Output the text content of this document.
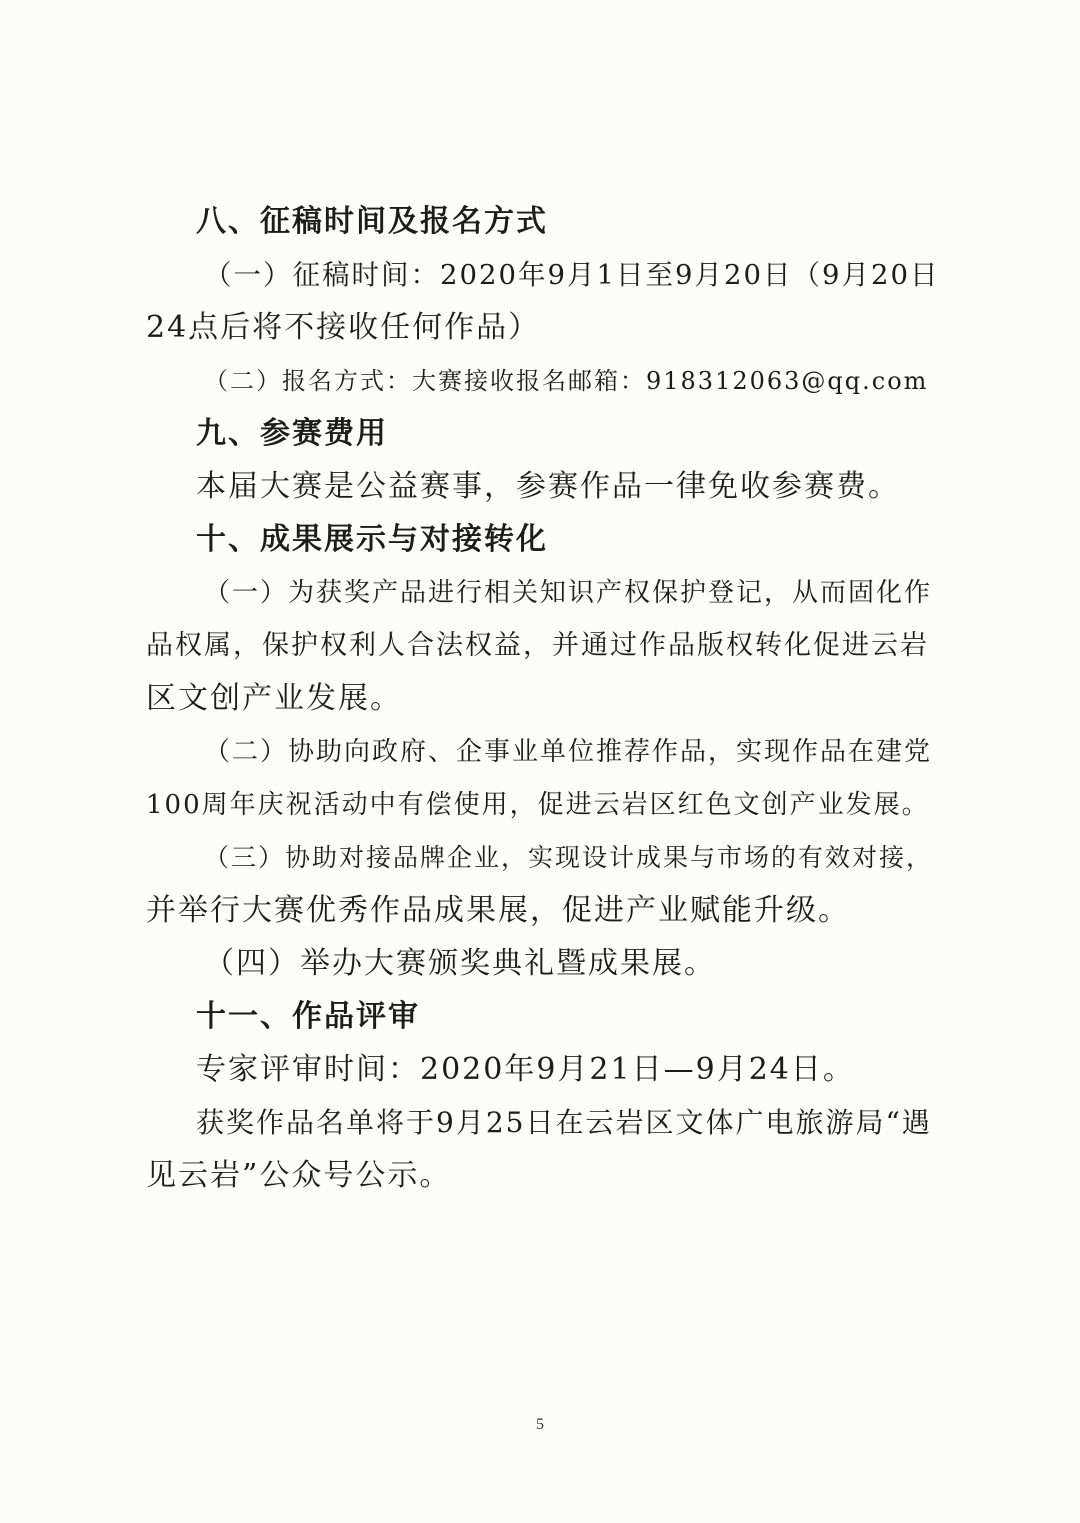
八、征稿时间及报名方式
（一）征稿时间：2020年9月1日至9月20日（9月20日
24点后将不接收任何作品）
（二）报名方式：大赛接收报名邮箱：918312063@qq.com
九、参赛费用
本届大赛是公益赛事，参赛作品一律免收参赛费。
十、成果展示与对接转化
（一）为获奖产品进行相关知识产权保护登记，从而固化作
品权属，保护权利人合法权益，并通过作品版权转化促进云岩
区文创产业发展。
（二）协助向政府、企事业单位推荐作品，实现作品在建党
100周年庆祝活动中有偿使用，促进云岩区红色文创产业发展。
（三）协助对接品牌企业，实现设计成果与市场的有效对接，
并举行大赛优秀作品成果展，促进产业赋能升级。
（四）举办大赛颁奖典礼暨成果展。
十一、作品评审
专家评审时间：2020年9月21日—9月24日。
获奖作品名单将于9月25日在云岩区文体广电旅游局“遇
见云岩”公众号公示。
5
